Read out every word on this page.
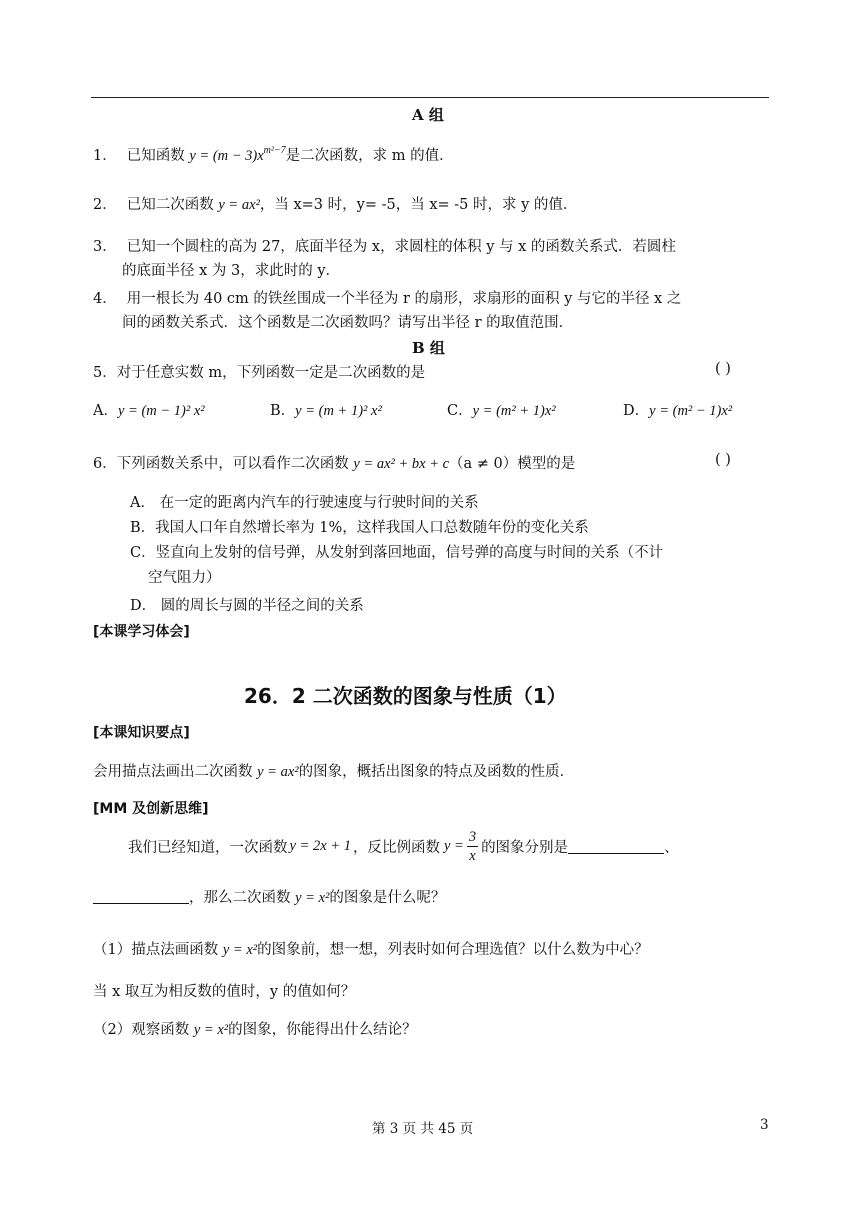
A 组
1． 已知函数 $y = (m - 3)x^{m^2-7}$是二次函数，求 m 的值．
2． 已知二次函数 y = ax²，当 x=3 时，y= -5，当 x= -5 时，求 y 的值．
3． 已知一个圆柱的高为 27，底面半径为 x，求圆柱的体积 y 与 x 的函数关系式．若圆柱
的底面半径 x 为 3，求此时的 y．
4． 用一根长为 40 cm 的铁丝围成一个半径为 r 的扇形，求扇形的面积 y 与它的半径 x 之
间的函数关系式．这个函数是二次函数吗？请写出半径 r 的取值范围．
B 组
5．对于任意实数 m，下列函数一定是二次函数的是	( )
A．y = (m − 1)² x²	B．y = (m + 1)² x²	C．y = (m² + 1)x²	D．y = (m² − 1)x²
6．下列函数关系中，可以看作二次函数 y = ax² + bx + c（a ≠ 0）模型的是	( )
A． 在一定的距离内汽车的行驶速度与行驶时间的关系
B．我国人口年自然增长率为 1%，这样我国人口总数随年份的变化关系
C．竖直向上发射的信号弹，从发射到落回地面，信号弹的高度与时间的关系（不计
空气阻力）
D． 圆的周长与圆的半径之间的关系
[本课学习体会]
26．2 二次函数的图象与性质（1）
[本课知识要点]
会用描点法画出二次函数 y = ax²的图象，概括出图象的特点及函数的性质．
[MM 及创新思维]
我们已经知道，一次函数 y = 2x + 1 ，反比例函数 $y = \frac{3}{x}$ 的图象分别是	、
，那么二次函数 y = x²的图象是什么呢？
（1）描点法画函数 y = x²的图象前，想一想，列表时如何合理选值？以什么数为中心？
当 x 取互为相反数的值时，y 的值如何？
（2）观察函数 y = x²的图象，你能得出什么结论？
第 3 页 共 45 页	3
